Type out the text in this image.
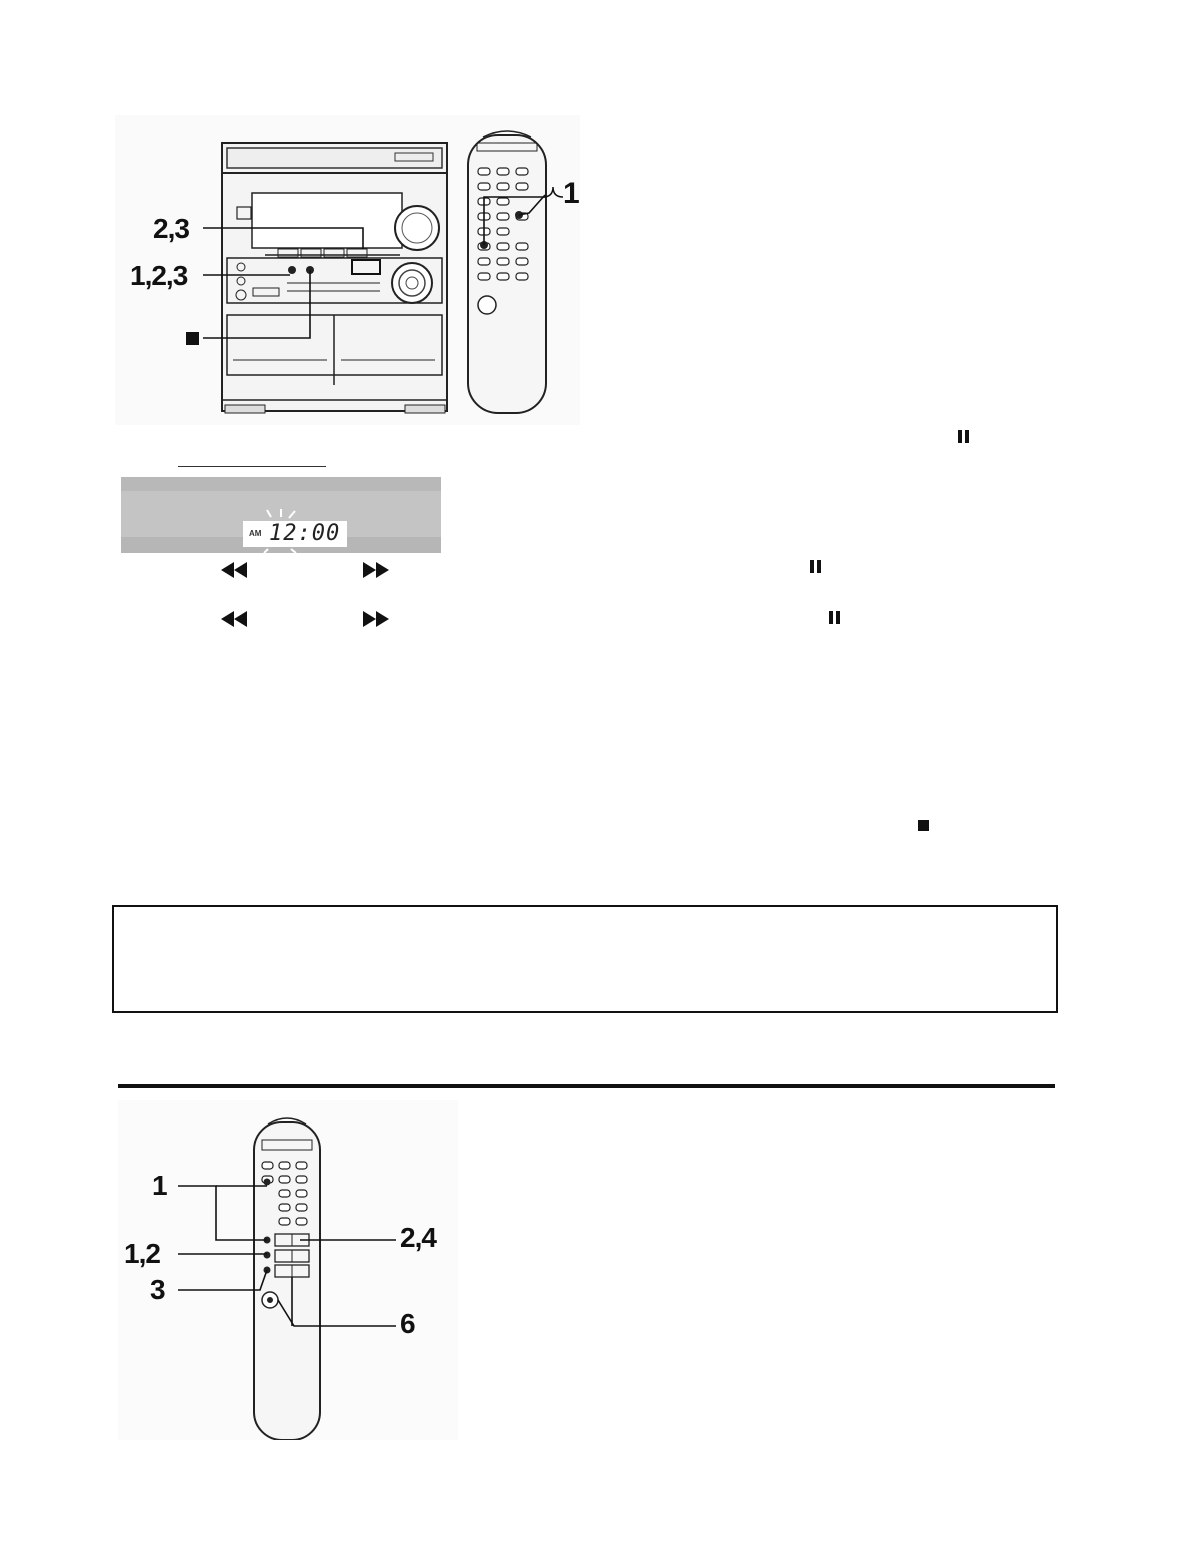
2,3
1,2,3
1
AM 12:00
1
1,2
3
2,4
6
